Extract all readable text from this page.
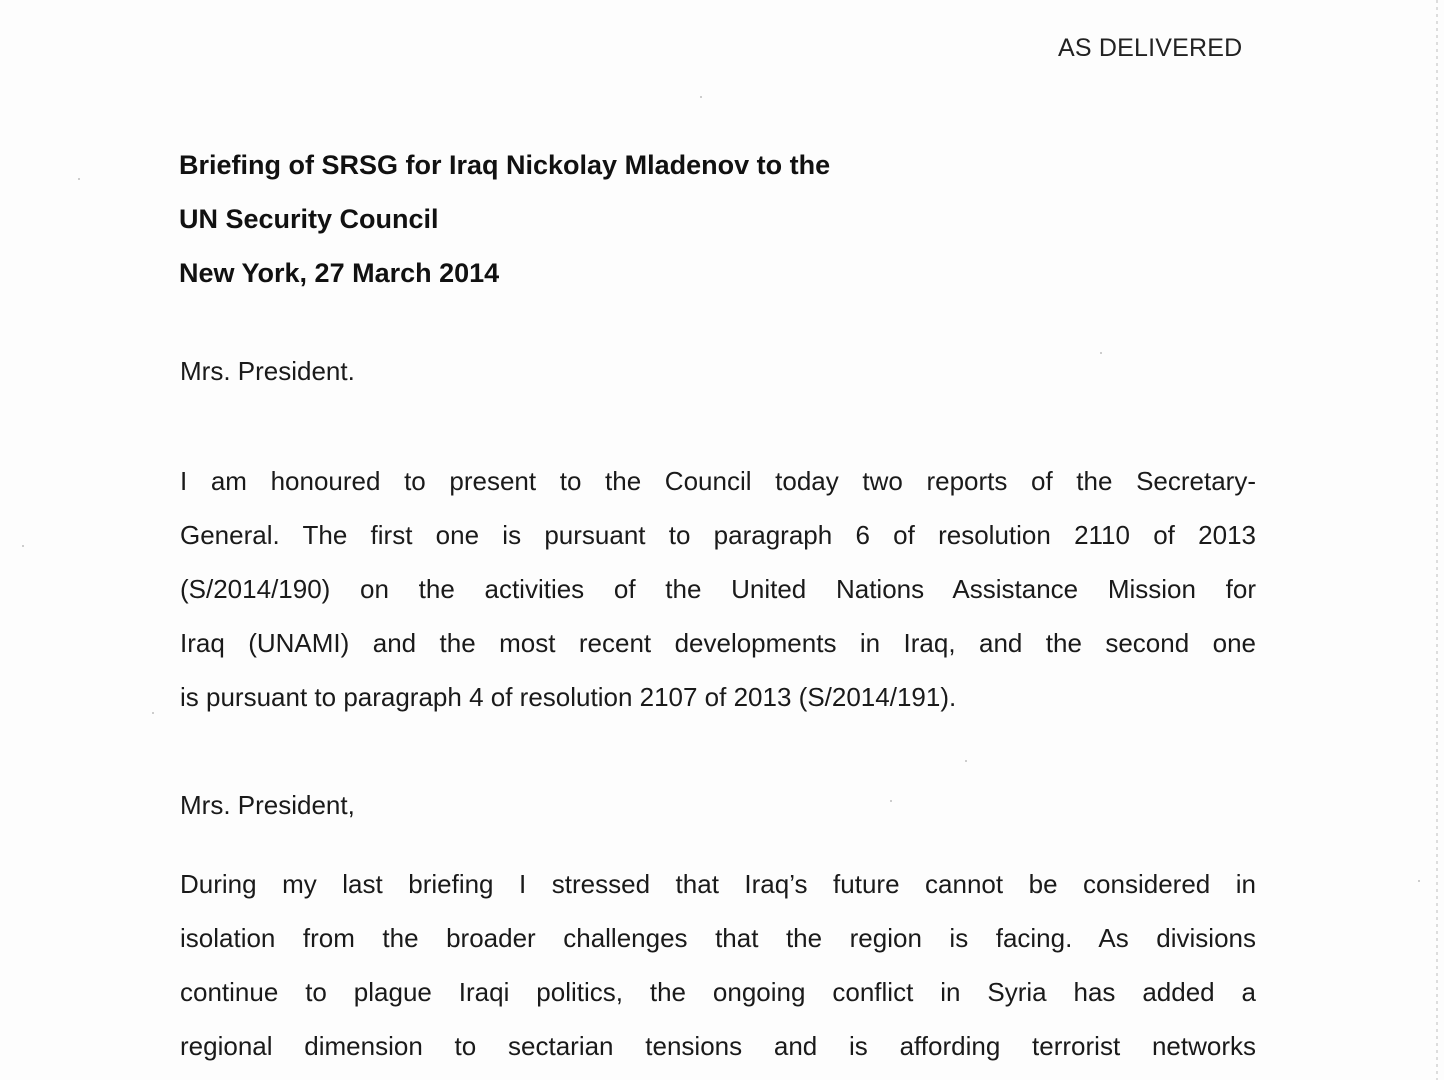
AS DELIVERED
Briefing of SRSG for Iraq Nickolay Mladenov to the
UN Security Council
New York, 27 March 2014
Mrs. President.
I am honoured to present to the Council today two reports of the Secretary-
General. The first one is pursuant to paragraph 6 of resolution 2110 of 2013
(S/2014/190) on the activities of the United Nations Assistance Mission for
Iraq (UNAMI) and the most recent developments in Iraq, and the second one
is pursuant to paragraph 4 of resolution 2107 of 2013 (S/2014/191).
Mrs. President,
During my last briefing I stressed that Iraq’s future cannot be considered in
isolation from the broader challenges that the region is facing. As divisions
continue to plague Iraqi politics, the ongoing conflict in Syria has added a
regional dimension to sectarian tensions and is affording terrorist networks
